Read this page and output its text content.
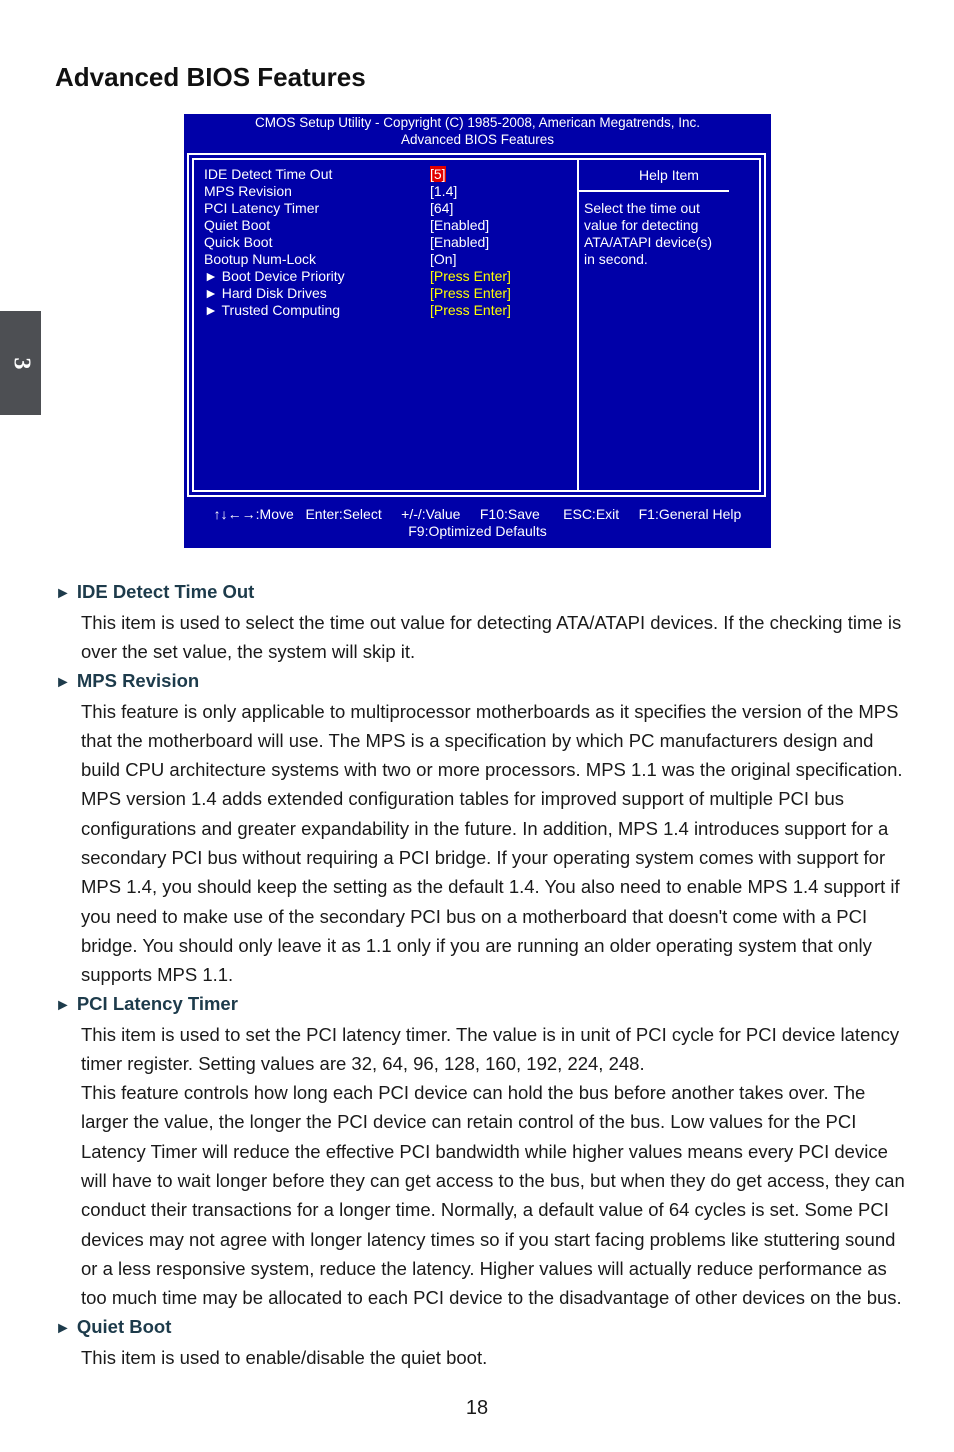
Advanced BIOS Features
3
CMOS Setup Utility - Copyright (C) 1985-2008, American Megatrends, Inc.
Advanced BIOS Features
IDE Detect Time Out	[5]
MPS Revision	[1.4]
PCI Latency Timer	[64]
Quiet Boot	[Enabled]
Quick Boot	[Enabled]
Bootup Num-Lock	[On]
► Boot Device Priority	[Press Enter]
► Hard Disk Drives	[Press Enter]
► Trusted Computing	[Press Enter]
Help Item
Select the time out
value for detecting
ATA/ATAPI device(s)
in second.
↑↓←→:Move   Enter:Select     +/-/:Value     F10:Save      ESC:Exit     F1:General Help
F9:Optimized Defaults
► IDE Detect Time Out

This item is used to select the time out value for detecting ATA/ATAPI devices. If the checking time is over the set value, the system will skip it.

► MPS Revision

This feature is only applicable to multiprocessor motherboards as it specifies the version of the MPS that the motherboard will use. The MPS is a specification by which PC manufacturers design and build CPU architecture systems with two or more processors. MPS 1.1 was the original specification. MPS version 1.4 adds extended configuration tables for improved support of multiple PCI bus configurations and greater expandability in the future. In addition, MPS 1.4 introduces support for a secondary PCI bus without requiring a PCI bridge. If your operating system comes with support for MPS 1.4, you should keep the setting as the default 1.4. You also need to enable MPS 1.4 support if you need to make use of the secondary PCI bus on a motherboard that doesn't come with a PCI bridge. You should only leave it as 1.1 only if you are running an older operating system that only supports MPS 1.1.

► PCI Latency Timer

This item is used to set the PCI latency timer. The value is in unit of PCI cycle for PCI device latency timer register. Setting values are 32, 64, 96, 128, 160, 192, 224, 248.

This feature controls how long each PCI device can hold the bus before another takes over. The larger the value, the longer the PCI device can retain control of the bus. Low values for the PCI Latency Timer will reduce the effective PCI bandwidth while higher values means every PCI device will have to wait longer before they can get access to the bus, but when they do get access, they can conduct their transactions for a longer time. Normally, a default value of 64 cycles is set. Some PCI devices may not agree with longer latency times so if you start facing problems like stuttering sound or a less responsive system, reduce the latency. Higher values will actually reduce performance as too much time may be allocated to each PCI device to the disadvantage of other devices on the bus.

► Quiet Boot

This item is used to enable/disable the quiet boot.

18
